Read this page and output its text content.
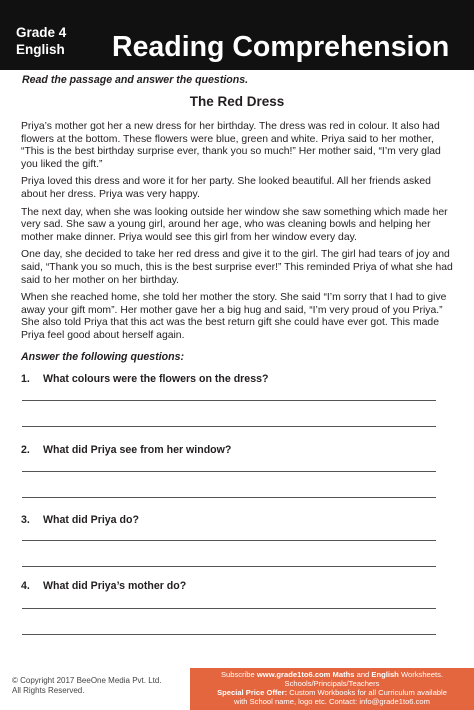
Grade 4
English Reading Comprehension
Read the passage and answer the questions.
The Red Dress

Priya’s mother got her a new dress for her birthday. The dress was red in colour. It also had flowers at the bottom. These flowers were blue, green and white. Priya said to her mother, “This is the best birthday surprise ever, thank you so much!” Her mother said, “I’m very glad you liked the gift.”

Priya loved this dress and wore it for her party. She looked beautiful. All her friends asked about her dress. Priya was very happy.

The next day, when she was looking outside her window she saw something which made her very sad. She saw a young girl, around her age, who was cleaning bowls and helping her mother make dinner. Priya would see this girl from her window every day.

One day, she decided to take her red dress and give it to the girl. The girl had tears of joy and said, “Thank you so much, this is the best surprise ever!” This reminded Priya of what she had said to her mother on her birthday.

When she reached home, she told her mother the story. She said “I’m sorry that I had to give away your gift mom”. Her mother gave her a big hug and said, “I’m very proud of you Priya.” She also told Priya that this act was the best return gift she could have ever got. This made Priya feel good about herself again.

Answer the following questions:
1.	What colours were the flowers on the dress?
2.	What did Priya see from her window?
3.	What did Priya do?
4.	What did Priya’s mother do?
© Copyright 2017 BeeOne Media Pvt. Ltd.
All Rights Reserved.
Subscribe www.grade1to6.com Maths and English Worksheets.
Schools/Principals/Teachers
Special Price Offer: Custom Workbooks for all Curriculum available
with School name, logo etc. Contact: info@grade1to6.com
